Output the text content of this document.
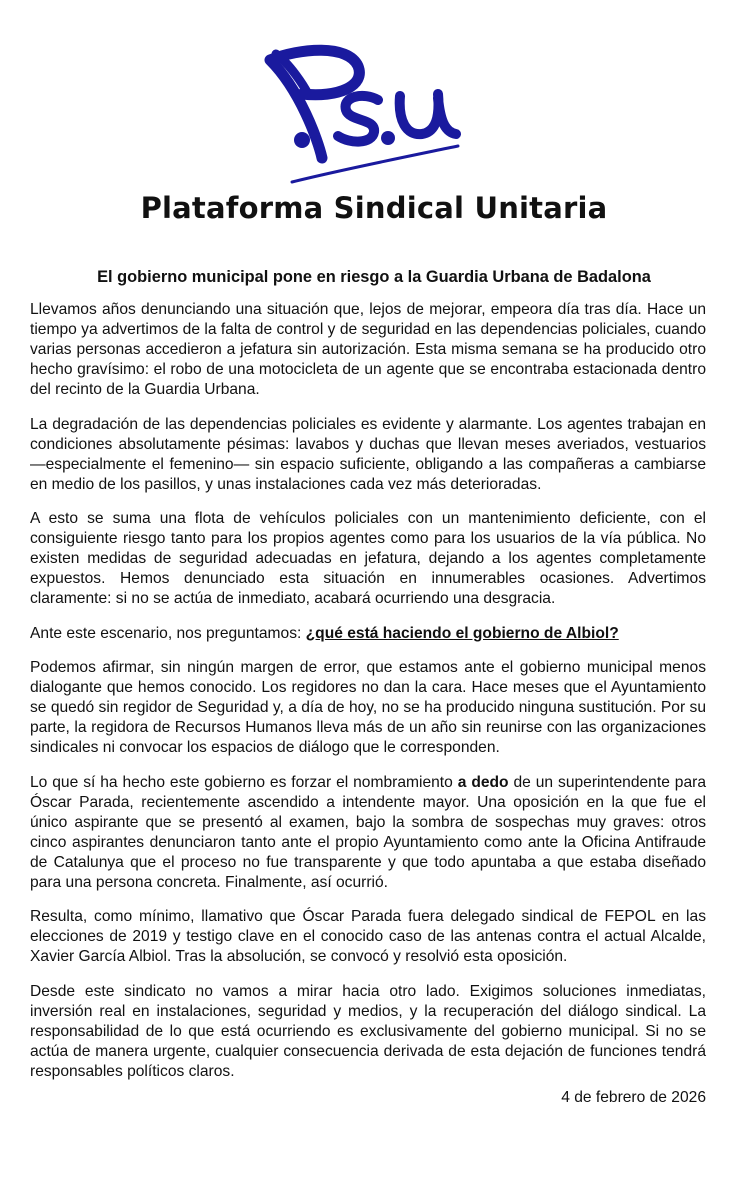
P.S.U
Plataforma Sindical Unitaria
El gobierno municipal pone en riesgo a la Guardia Urbana de Badalona

Llevamos años denunciando una situación que, lejos de mejorar, empeora día tras día. Hace un tiempo ya advertimos de la falta de control y de seguridad en las dependencias policiales, cuando varias personas accedieron a jefatura sin autorización. Esta misma semana se ha producido otro hecho gravísimo: el robo de una motocicleta de un agente que se encontraba estacionada dentro del recinto de la Guardia Urbana.

La degradación de las dependencias policiales es evidente y alarmante. Los agentes trabajan en condiciones absolutamente pésimas: lavabos y duchas que llevan meses averiados, vestuarios —especialmente el femenino— sin espacio suficiente, obligando a las compañeras a cambiarse en medio de los pasillos, y unas instalaciones cada vez más deterioradas.

A esto se suma una flota de vehículos policiales con un mantenimiento deficiente, con el consiguiente riesgo tanto para los propios agentes como para los usuarios de la vía pública. No existen medidas de seguridad adecuadas en jefatura, dejando a los agentes completamente expuestos. Hemos denunciado esta situación en innumerables ocasiones. Advertimos claramente: si no se actúa de inmediato, acabará ocurriendo una desgracia.

Ante este escenario, nos preguntamos: ¿qué está haciendo el gobierno de Albiol?

Podemos afirmar, sin ningún margen de error, que estamos ante el gobierno municipal menos dialogante que hemos conocido. Los regidores no dan la cara. Hace meses que el Ayuntamiento se quedó sin regidor de Seguridad y, a día de hoy, no se ha producido ninguna sustitución. Por su parte, la regidora de Recursos Humanos lleva más de un año sin reunirse con las organizaciones sindicales ni convocar los espacios de diálogo que le corresponden.

Lo que sí ha hecho este gobierno es forzar el nombramiento a dedo de un superintendente para Óscar Parada, recientemente ascendido a intendente mayor. Una oposición en la que fue el único aspirante que se presentó al examen, bajo la sombra de sospechas muy graves: otros cinco aspirantes denunciaron tanto ante el propio Ayuntamiento como ante la Oficina Antifraude de Catalunya que el proceso no fue transparente y que todo apuntaba a que estaba diseñado para una persona concreta. Finalmente, así ocurrió.

Resulta, como mínimo, llamativo que Óscar Parada fuera delegado sindical de FEPOL en las elecciones de 2019 y testigo clave en el conocido caso de las antenas contra el actual Alcalde, Xavier García Albiol. Tras la absolución, se convocó y resolvió esta oposición.

Desde este sindicato no vamos a mirar hacia otro lado. Exigimos soluciones inmediatas, inversión real en instalaciones, seguridad y medios, y la recuperación del diálogo sindical. La responsabilidad de lo que está ocurriendo es exclusivamente del gobierno municipal. Si no se actúa de manera urgente, cualquier consecuencia derivada de esta dejación de funciones tendrá responsables políticos claros.

4 de febrero de 2026
